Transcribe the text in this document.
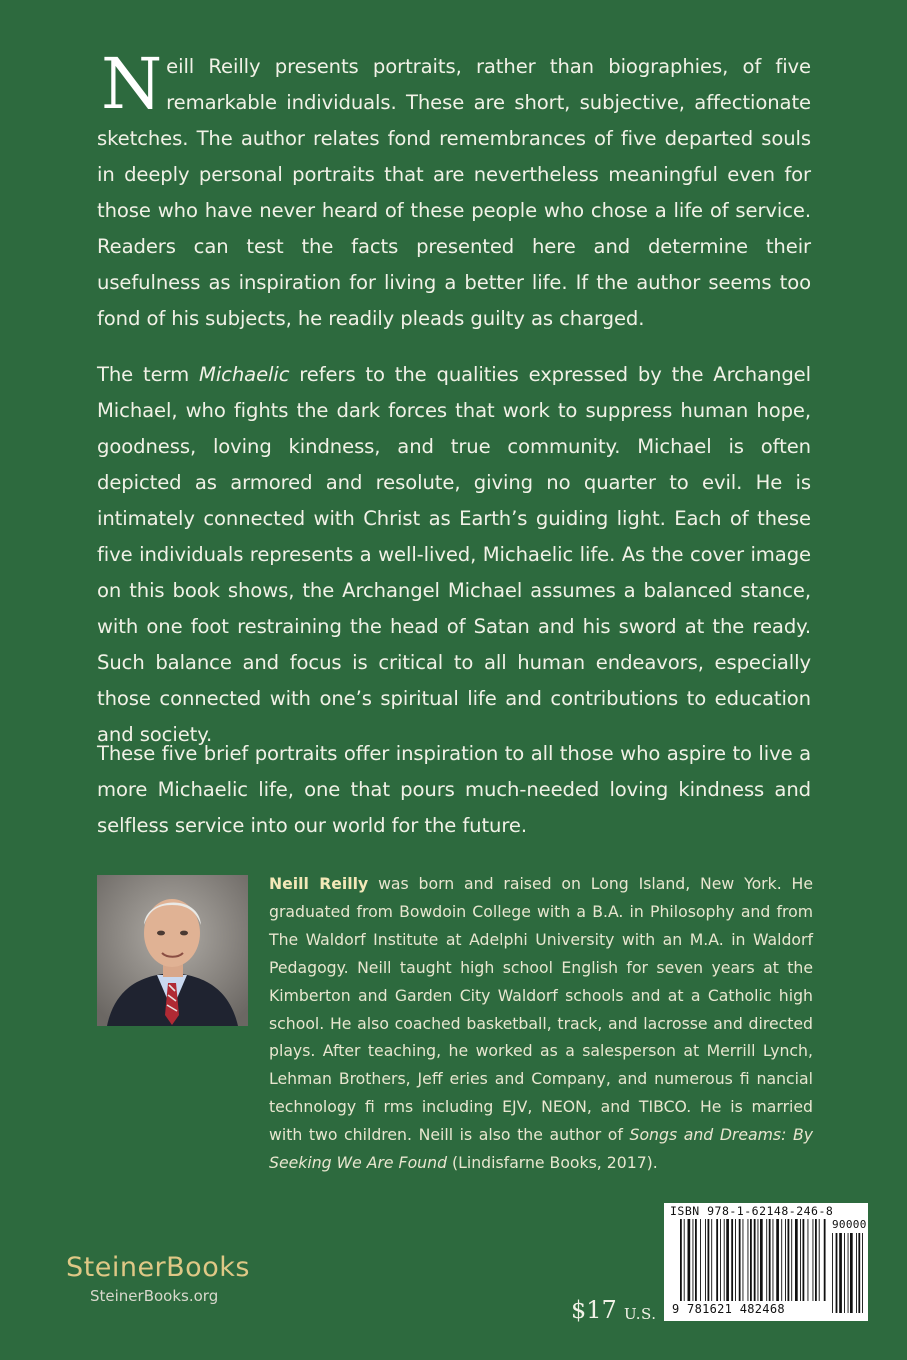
Neill Reilly presents portraits, rather than biographies, of five remarkable individuals. These are short, subjective, affectionate sketches. The author relates fond remembrances of five departed souls in deeply personal portraits that are nevertheless meaningful even for those who have never heard of these people who chose a life of service. Readers can test the facts presented here and determine their usefulness as inspiration for living a better life. If the author seems too fond of his subjects, he readily pleads guilty as charged.

The term Michaelic refers to the qualities expressed by the Archangel Michael, who fights the dark forces that work to suppress human hope, goodness, loving kindness, and true community. Michael is often depicted as armored and resolute, giving no quarter to evil. He is intimately connected with Christ as Earth’s guiding light. Each of these five individuals represents a well-lived, Michaelic life. As the cover image on this book shows, the Archangel Michael assumes a balanced stance, with one foot restraining the head of Satan and his sword at the ready. Such balance and focus is critical to all human endeavors, especially those connected with one’s spiritual life and contributions to education and society.

These five brief portraits offer inspiration to all those who aspire to live a more Michaelic life, one that pours much-needed loving kindness and selfless service into our world for the future.

Neill Reilly was born and raised on Long Island, New York. He graduated from Bowdoin College with a B.A. in Philosophy and from The Waldorf Institute at Adelphi University with an M.A. in Waldorf Pedagogy. Neill taught high school English for seven years at the Kimberton and Garden City Waldorf schools and at a Catholic high school. He also coached basketball, track, and lacrosse and directed plays. After teaching, he worked as a salesperson at Merrill Lynch, Lehman Brothers, Jeff eries and Company, and numerous fi nancial technology fi rms including EJV, NEON, and TIBCO. He is married with two children. Neill is also the author of Songs and Dreams: By Seeking We Are Found (Lindisfarne Books, 2017).

SteinerBooks
SteinerBooks.org	$17 U.S.
ISBN 978-1-62148-246-8
90000
9 781621 482468
